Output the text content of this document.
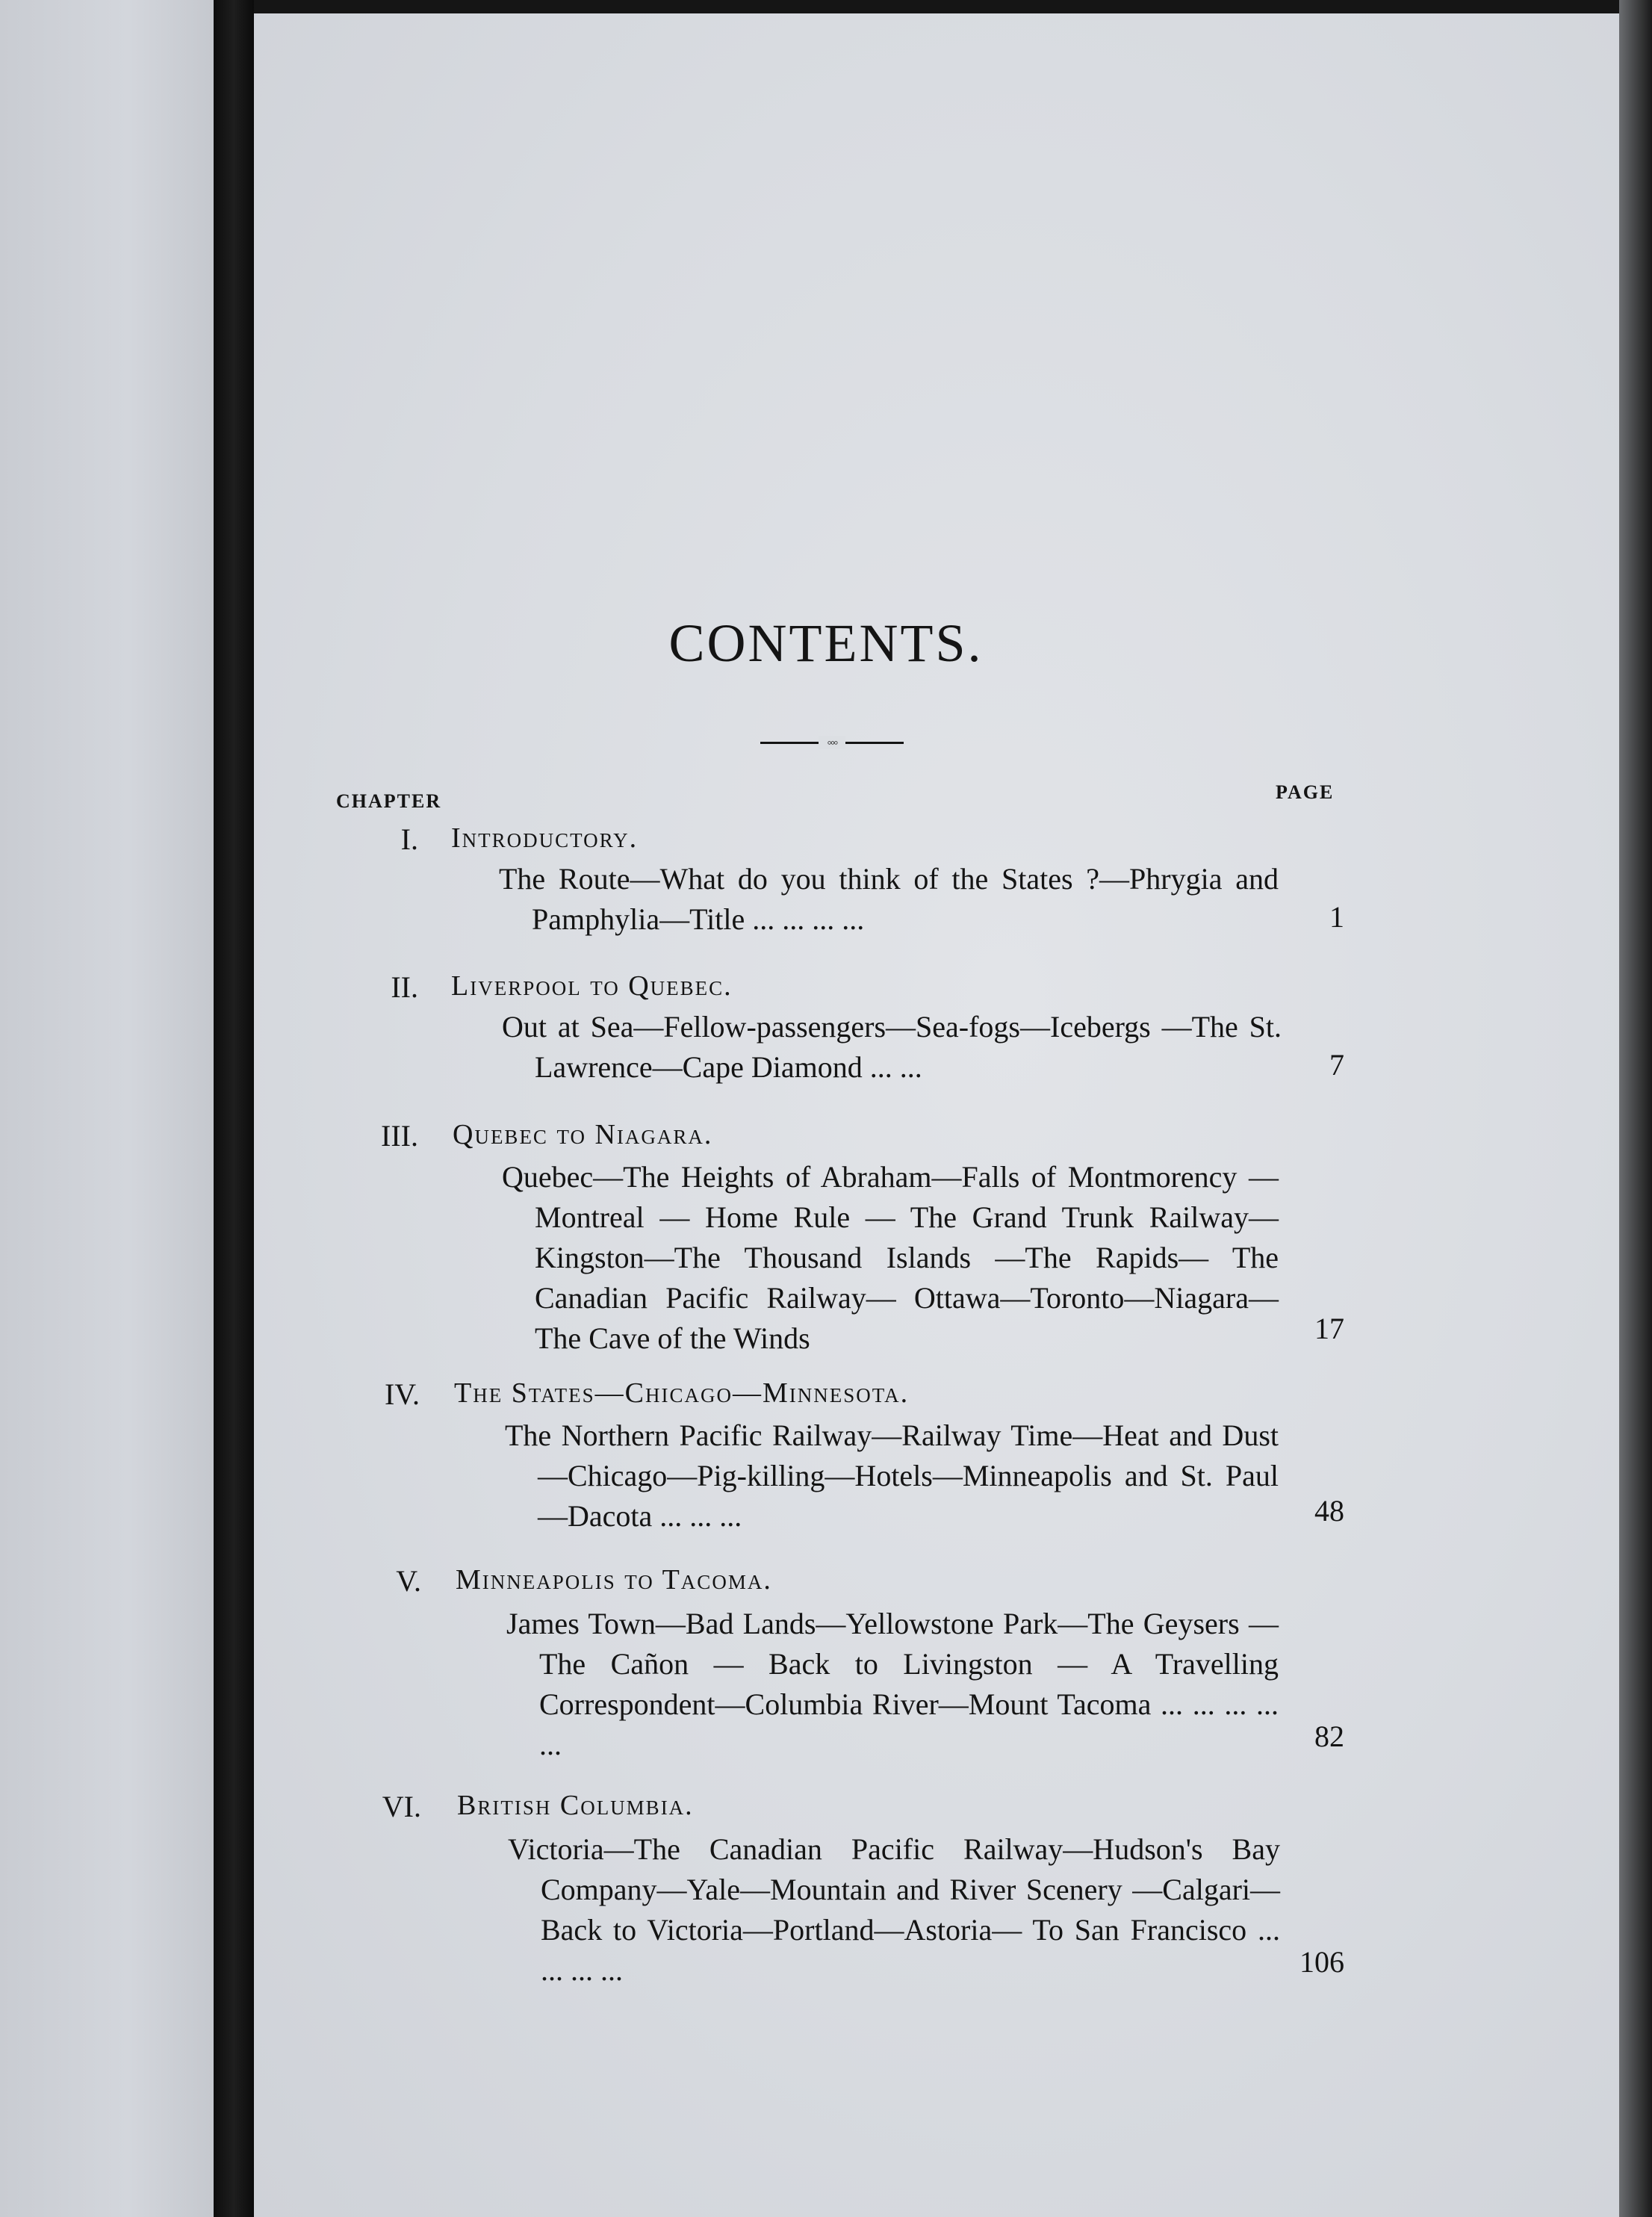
CONTENTS.
◦◦◦
CHAPTER	PAGE
I. Introductory.

The Route—What do you think of the States ?—Phrygia and Pamphylia—Title ... ... ... ...	1
II. Liverpool to Quebec.

Out at Sea—Fellow-passengers—Sea-fogs—Icebergs —The St. Lawrence—Cape Diamond ... ...	7
III. Quebec to Niagara.

Quebec—The Heights of Abraham—Falls of Montmorency — Montreal — Home Rule — The Grand Trunk Railway—Kingston—The Thousand Islands —The Rapids— The Canadian Pacific Railway— Ottawa—Toronto—Niagara—The Cave of the Winds	17
IV. The States—Chicago—Minnesota.

The Northern Pacific Railway—Railway Time—Heat and Dust—Chicago—Pig-killing—Hotels—Minneapolis and St. Paul—Dacota ... ... ...	48
V. Minneapolis to Tacoma.

James Town—Bad Lands—Yellowstone Park—The Geysers — The Cañon — Back to Livingston — A Travelling Correspondent—Columbia River—Mount Tacoma ... ... ... ... ...	82
VI. British Columbia.

Victoria—The Canadian Pacific Railway—Hudson's Bay Company—Yale—Mountain and River Scenery —Calgari—Back to Victoria—Portland—Astoria— To San Francisco ... ... ... ...	106
